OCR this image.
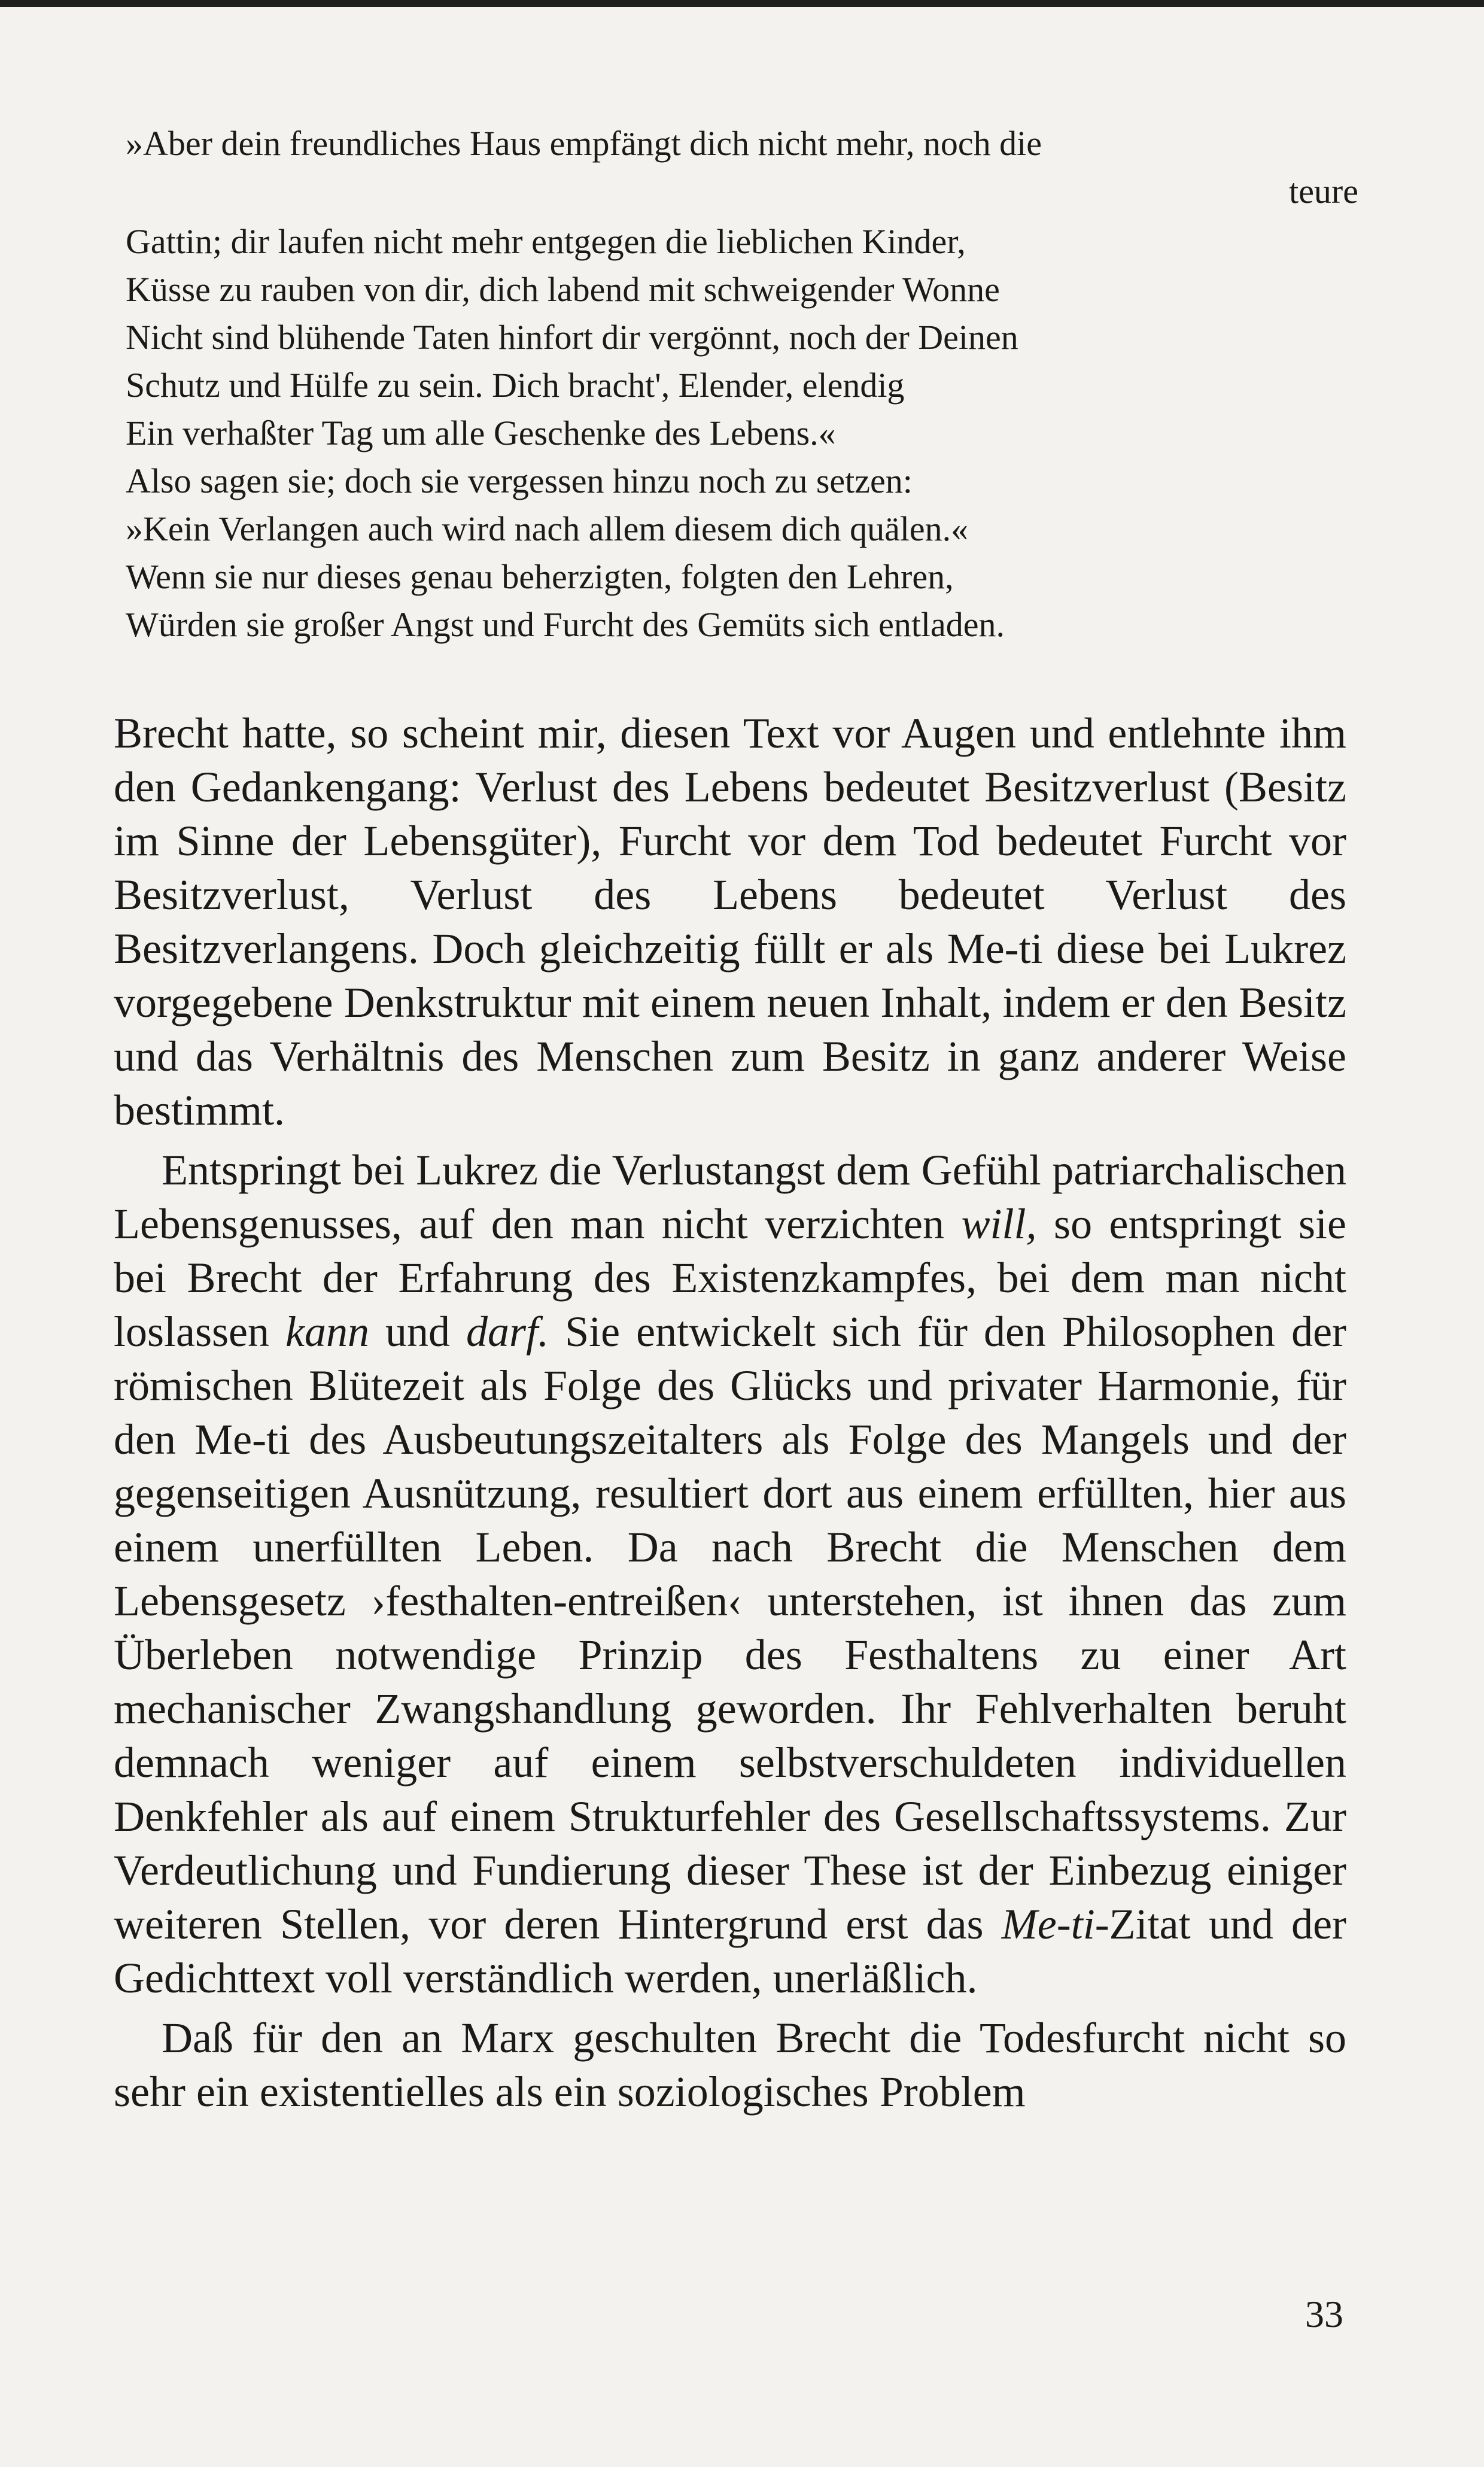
»Aber dein freundliches Haus empfängt dich nicht mehr, noch die

teure

Gattin; dir laufen nicht mehr entgegen die lieblichen Kinder,

Küsse zu rauben von dir, dich labend mit schweigender Wonne

Nicht sind blühende Taten hinfort dir vergönnt, noch der Deinen

Schutz und Hülfe zu sein. Dich bracht', Elender, elendig

Ein verhaßter Tag um alle Geschenke des Lebens.«

Also sagen sie; doch sie vergessen hinzu noch zu setzen:

»Kein Verlangen auch wird nach allem diesem dich quälen.«

Wenn sie nur dieses genau beherzigten, folgten den Lehren,

Würden sie großer Angst und Furcht des Gemüts sich entladen.

Brecht hatte, so scheint mir, diesen Text vor Augen und entlehnte ihm den Gedankengang: Verlust des Lebens bedeutet Besitzverlust (Besitz im Sinne der Lebensgüter), Furcht vor dem Tod bedeutet Furcht vor Besitzverlust, Verlust des Lebens bedeutet Verlust des Besitzverlangens. Doch gleichzeitig füllt er als Me-ti diese bei Lukrez vorgegebene Denkstruktur mit einem neuen Inhalt, indem er den Besitz und das Verhältnis des Menschen zum Besitz in ganz anderer Weise bestimmt.

Entspringt bei Lukrez die Verlustangst dem Gefühl patriarchalischen Lebensgenusses, auf den man nicht verzichten will, so entspringt sie bei Brecht der Erfahrung des Existenzkampfes, bei dem man nicht loslassen kann und darf. Sie entwickelt sich für den Philosophen der römischen Blütezeit als Folge des Glücks und privater Harmonie, für den Me-ti des Ausbeutungszeitalters als Folge des Mangels und der gegenseitigen Ausnützung, resultiert dort aus einem erfüllten, hier aus einem unerfüllten Leben. Da nach Brecht die Menschen dem Lebensgesetz ›festhalten-entreißen‹ unterstehen, ist ihnen das zum Überleben notwendige Prinzip des Festhaltens zu einer Art mechanischer Zwangshandlung geworden. Ihr Fehlverhalten beruht demnach weniger auf einem selbstverschuldeten individuellen Denkfehler als auf einem Strukturfehler des Gesellschaftssystems. Zur Verdeutlichung und Fundierung dieser These ist der Einbezug einiger weiteren Stellen, vor deren Hintergrund erst das Me-ti-Zitat und der Gedichttext voll verständlich werden, unerläßlich.

Daß für den an Marx geschulten Brecht die Todesfurcht nicht so sehr ein existentielles als ein soziologisches Problem

33
